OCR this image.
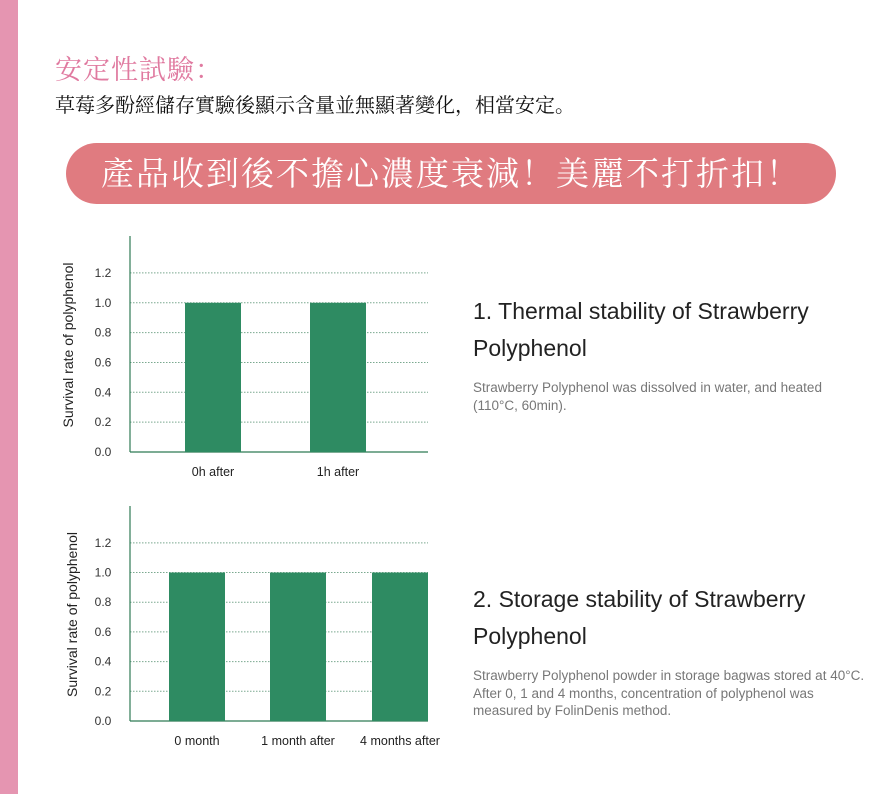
安定性試驗：
草莓多酚經儲存實驗後顯示含量並無顯著變化，相當安定。
產品收到後不擔心濃度衰減！美麗不打折扣！
0.0
0.2
0.4
0.6
0.8
1.0
1.2
0h after	1h after
Survival rate of polyphenol
0.0
0.2
0.4
0.6
0.8
1.0
1.2
0 month	1 month after 4 months after
Survival rate of polyphenol
1. Thermal stability of Strawberry Polyphenol
Strawberry Polyphenol was dissolved in water, and heated (110°C, 60min).
2. Storage stability of Strawberry Polyphenol
Strawberry Polyphenol powder in storage bagwas stored at 40°C. After 0, 1 and 4 months, concentration of polyphenol was measured by FolinDenis method.
